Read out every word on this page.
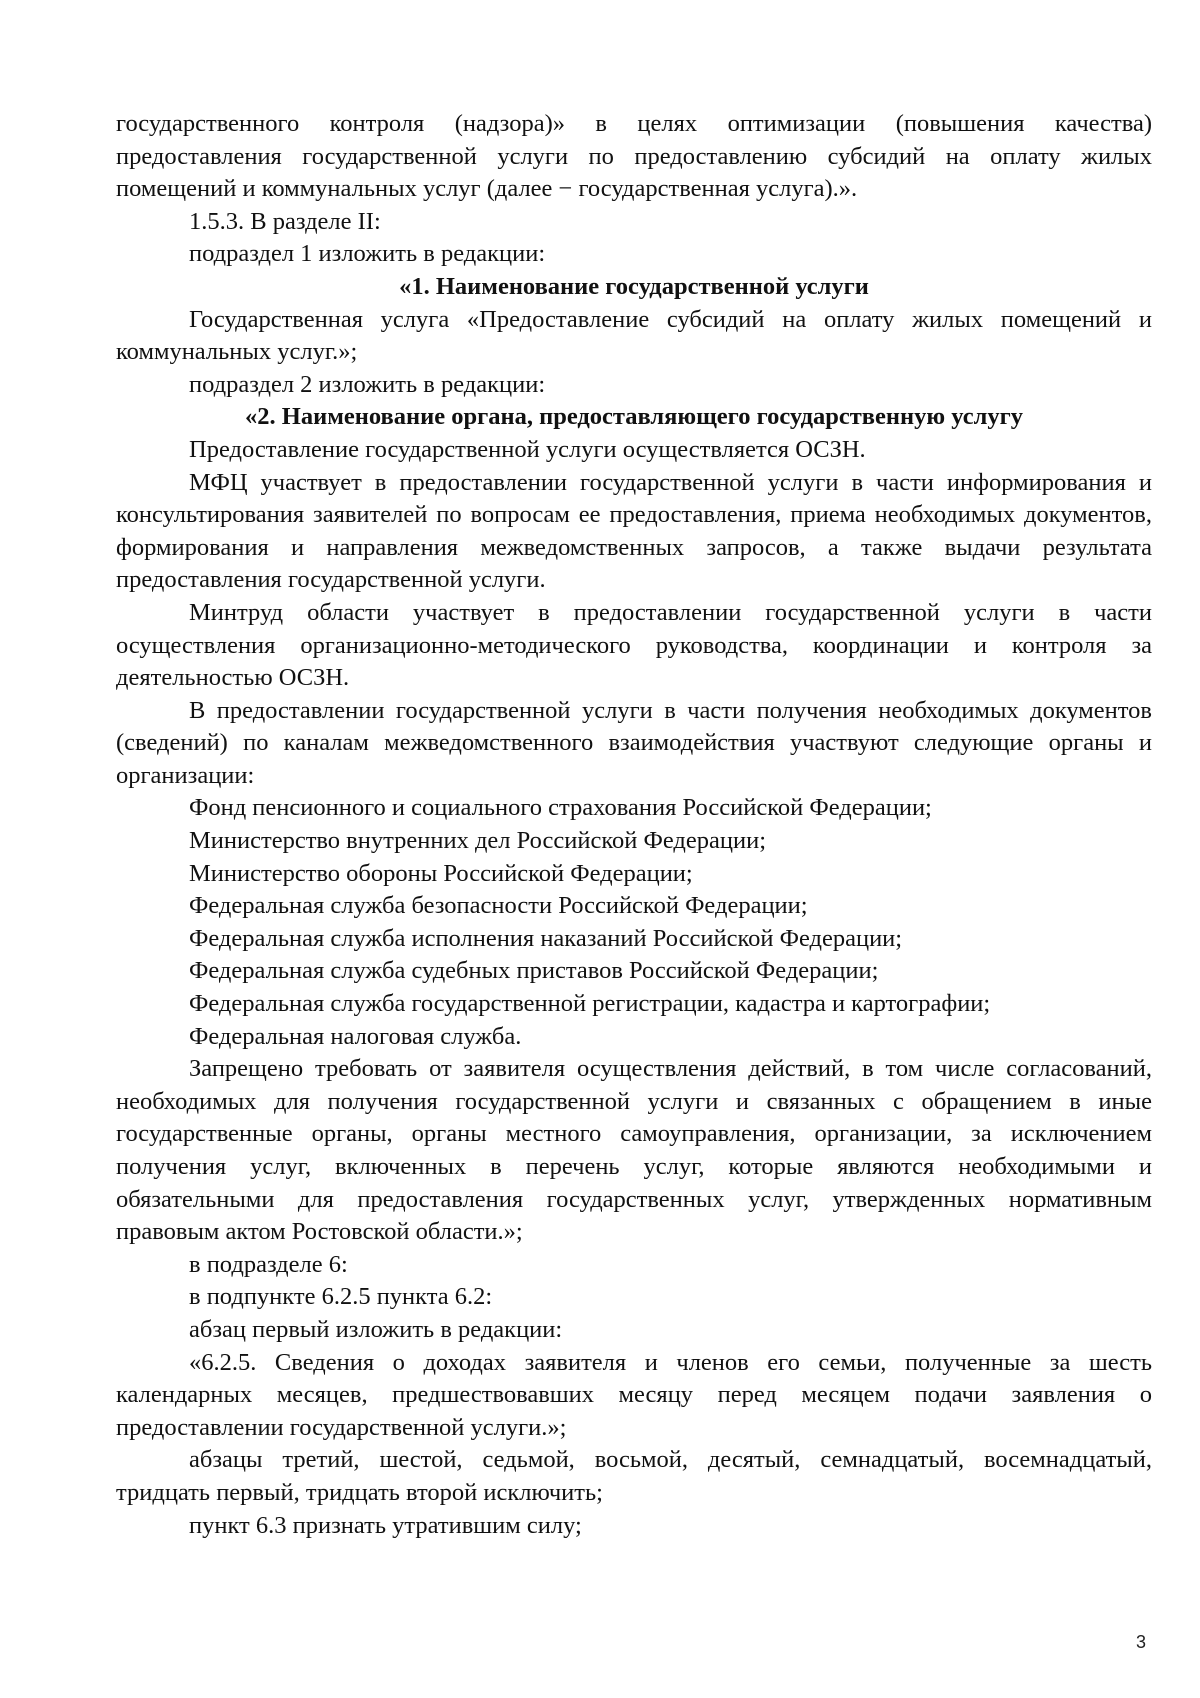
государственного контроля (надзора)» в целях оптимизации (повышения качества) предоставления государственной услуги по предоставлению субсидий на оплату жилых помещений и коммунальных услуг (далее − государственная услуга).».

1.5.3. В разделе II:

подраздел 1 изложить в редакции:

«1. Наименование государственной услуги

Государственная услуга «Предоставление субсидий на оплату жилых помещений и коммунальных услуг.»;

подраздел 2 изложить в редакции:

«2. Наименование органа, предоставляющего государственную услугу

Предоставление государственной услуги осуществляется ОСЗН.

МФЦ участвует в предоставлении государственной услуги в части информирования и консультирования заявителей по вопросам ее предоставления, приема необходимых документов, формирования и направления межведомственных запросов, а также выдачи результата предоставления государственной услуги.

Минтруд области участвует в предоставлении государственной услуги в части осуществления организационно-методического руководства, координации и контроля за деятельностью ОСЗН.

В предоставлении государственной услуги в части получения необходимых документов (сведений) по каналам межведомственного взаимодействия участвуют следующие органы и организации:

Фонд пенсионного и социального страхования Российской Федерации;

Министерство внутренних дел Российской Федерации;

Министерство обороны Российской Федерации;

Федеральная служба безопасности Российской Федерации;

Федеральная служба исполнения наказаний Российской Федерации;

Федеральная служба судебных приставов Российской Федерации;

Федеральная служба государственной регистрации, кадастра и картографии;

Федеральная налоговая служба.

Запрещено требовать от заявителя осуществления действий, в том числе согласований, необходимых для получения государственной услуги и связанных с обращением в иные государственные органы, органы местного самоуправления, организации, за исключением получения услуг, включенных в перечень услуг, которые являются необходимыми и обязательными для предоставления государственных услуг, утвержденных нормативным правовым актом Ростовской области.»;

в подразделе 6:

в подпункте 6.2.5 пункта 6.2:

абзац первый изложить в редакции:

«6.2.5. Сведения о доходах заявителя и членов его семьи, полученные за шесть календарных месяцев, предшествовавших месяцу перед месяцем подачи заявления о предоставлении государственной услуги.»;

абзацы третий, шестой, седьмой, восьмой, десятый, семнадцатый, восемнадцатый, тридцать первый, тридцать второй исключить;

пункт 6.3 признать утратившим силу;

3
